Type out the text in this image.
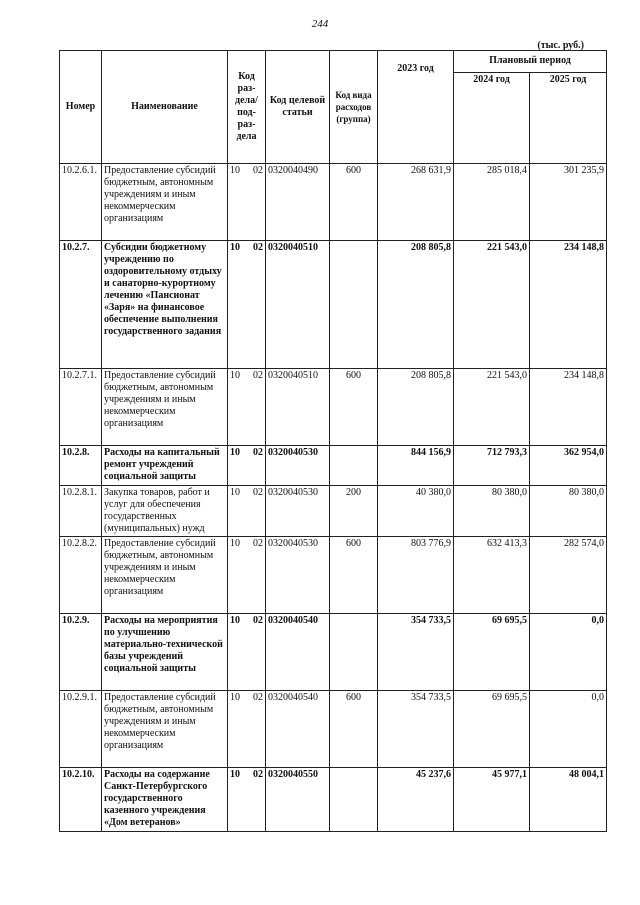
244
(тыс. руб.)
Номер	Наименование	Код раз- дела/ под- раз- дела	Код целевой статьи	Код вида расходов (группа)	2023 год	Плановый период	
						2024 год	2025 год
10.2.6.1.	Предоставление субсидий бюджетным, автономным учреждениям и иным некоммерческим организациям	10 02	0320040490	600	268 631,9	285 018,4	301 235,9
10.2.7.	Субсидии бюджетному учреждению по оздоровительному отдыху и санаторно-курортному лечению «Пансионат «Заря» на финансовое обеспечение выполнения государственного задания	10 02	0320040510		208 805,8	221 543,0	234 148,8
10.2.7.1.	Предоставление субсидий бюджетным, автономным учреждениям и иным некоммерческим организациям	10 02	0320040510	600	208 805,8	221 543,0	234 148,8
10.2.8.	Расходы на капитальный ремонт учреждений социальной защиты	10 02	0320040530		844 156,9	712 793,3	362 954,0
10.2.8.1.	Закупка товаров, работ и услуг для обеспечения государственных (муниципальных) нужд	10 02	0320040530	200	40 380,0	80 380,0	80 380,0
10.2.8.2.	Предоставление субсидий бюджетным, автономным учреждениям и иным некоммерческим организациям	10 02	0320040530	600	803 776,9	632 413,3	282 574,0
10.2.9.	Расходы на мероприятия по улучшению материально-технической базы учреждений социальной защиты	10 02	0320040540		354 733,5	69 695,5	0,0
10.2.9.1.	Предоставление субсидий бюджетным, автономным учреждениям и иным некоммерческим организациям	10 02	0320040540	600	354 733,5	69 695,5	0,0
10.2.10.	Расходы на содержание Санкт-Петербургского государственного казенного учреждения «Дом ветеранов»	10 02	0320040550		45 237,6	45 977,1	48 004,1
